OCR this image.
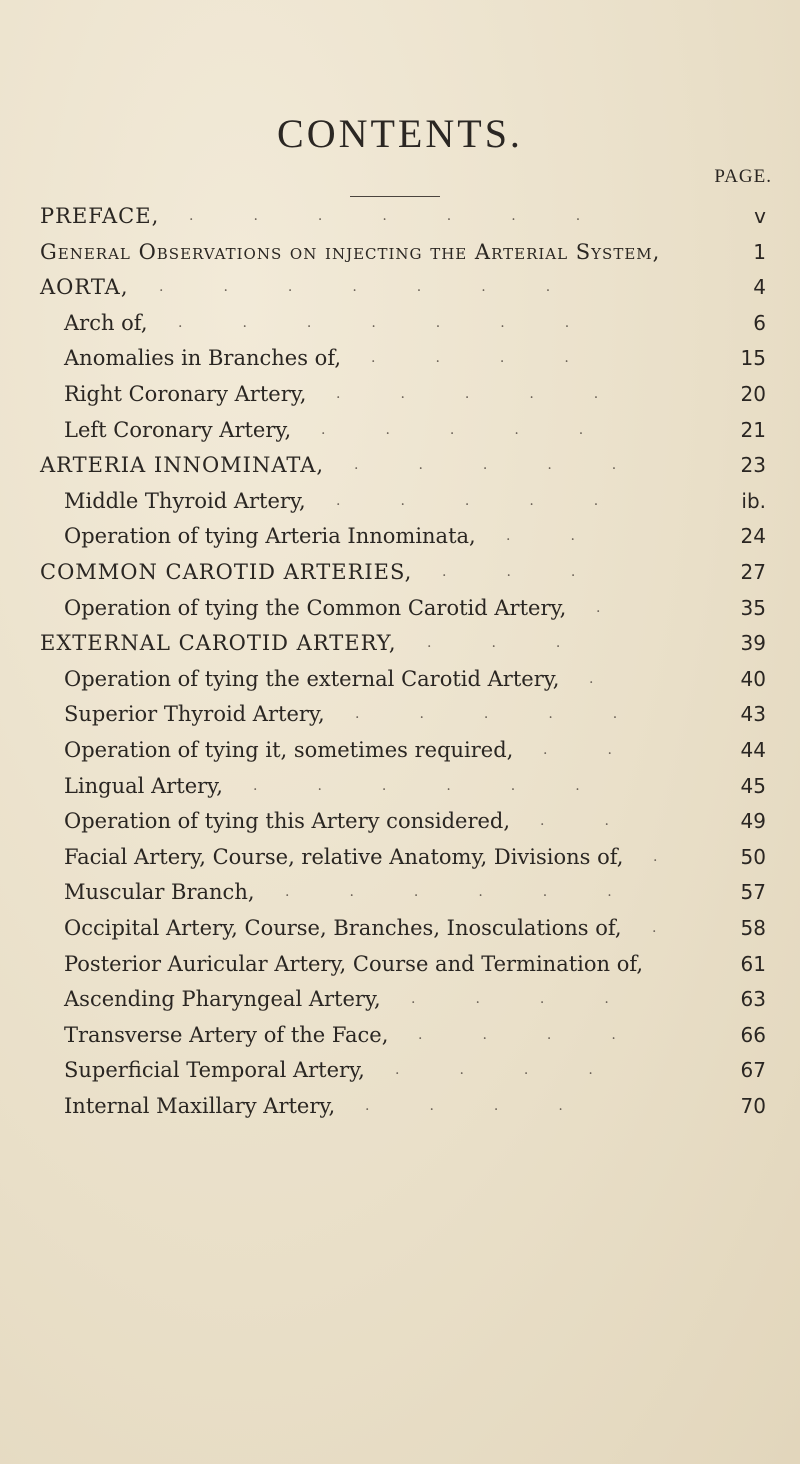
CONTENTS.
PAGE.
PREFACE,	v
.......
General Observations on injecting the Arterial System,	1
AORTA,	4
.......
Arch of,	6
.......
Anomalies in Branches of,	15
....
Right Coronary Artery,	20
.....
Left Coronary Artery,	21
.....
ARTERIA INNOMINATA,	23
.....
Middle Thyroid Artery,	ib.
.....
Operation of tying Arteria Innominata,	24
..
COMMON CAROTID ARTERIES,	27
...
Operation of tying the Common Carotid Artery,	35
.
EXTERNAL CAROTID ARTERY,	39
...
Operation of tying the external Carotid Artery,	40
.
Superior Thyroid Artery,	43
.....
Operation of tying it, sometimes required,	44
..
Lingual Artery,	45
......
Operation of tying this Artery considered,	49
..
Facial Artery, Course, relative Anatomy, Divisions of,	50
.
Muscular Branch,	57
......
Occipital Artery, Course, Branches, Inosculations of,	58
.
Posterior Auricular Artery, Course and Termination of,	61
Ascending Pharyngeal Artery,	63
....
Transverse Artery of the Face,	66
....
Superficial Temporal Artery,	67
....
Internal Maxillary Artery,	70
....
